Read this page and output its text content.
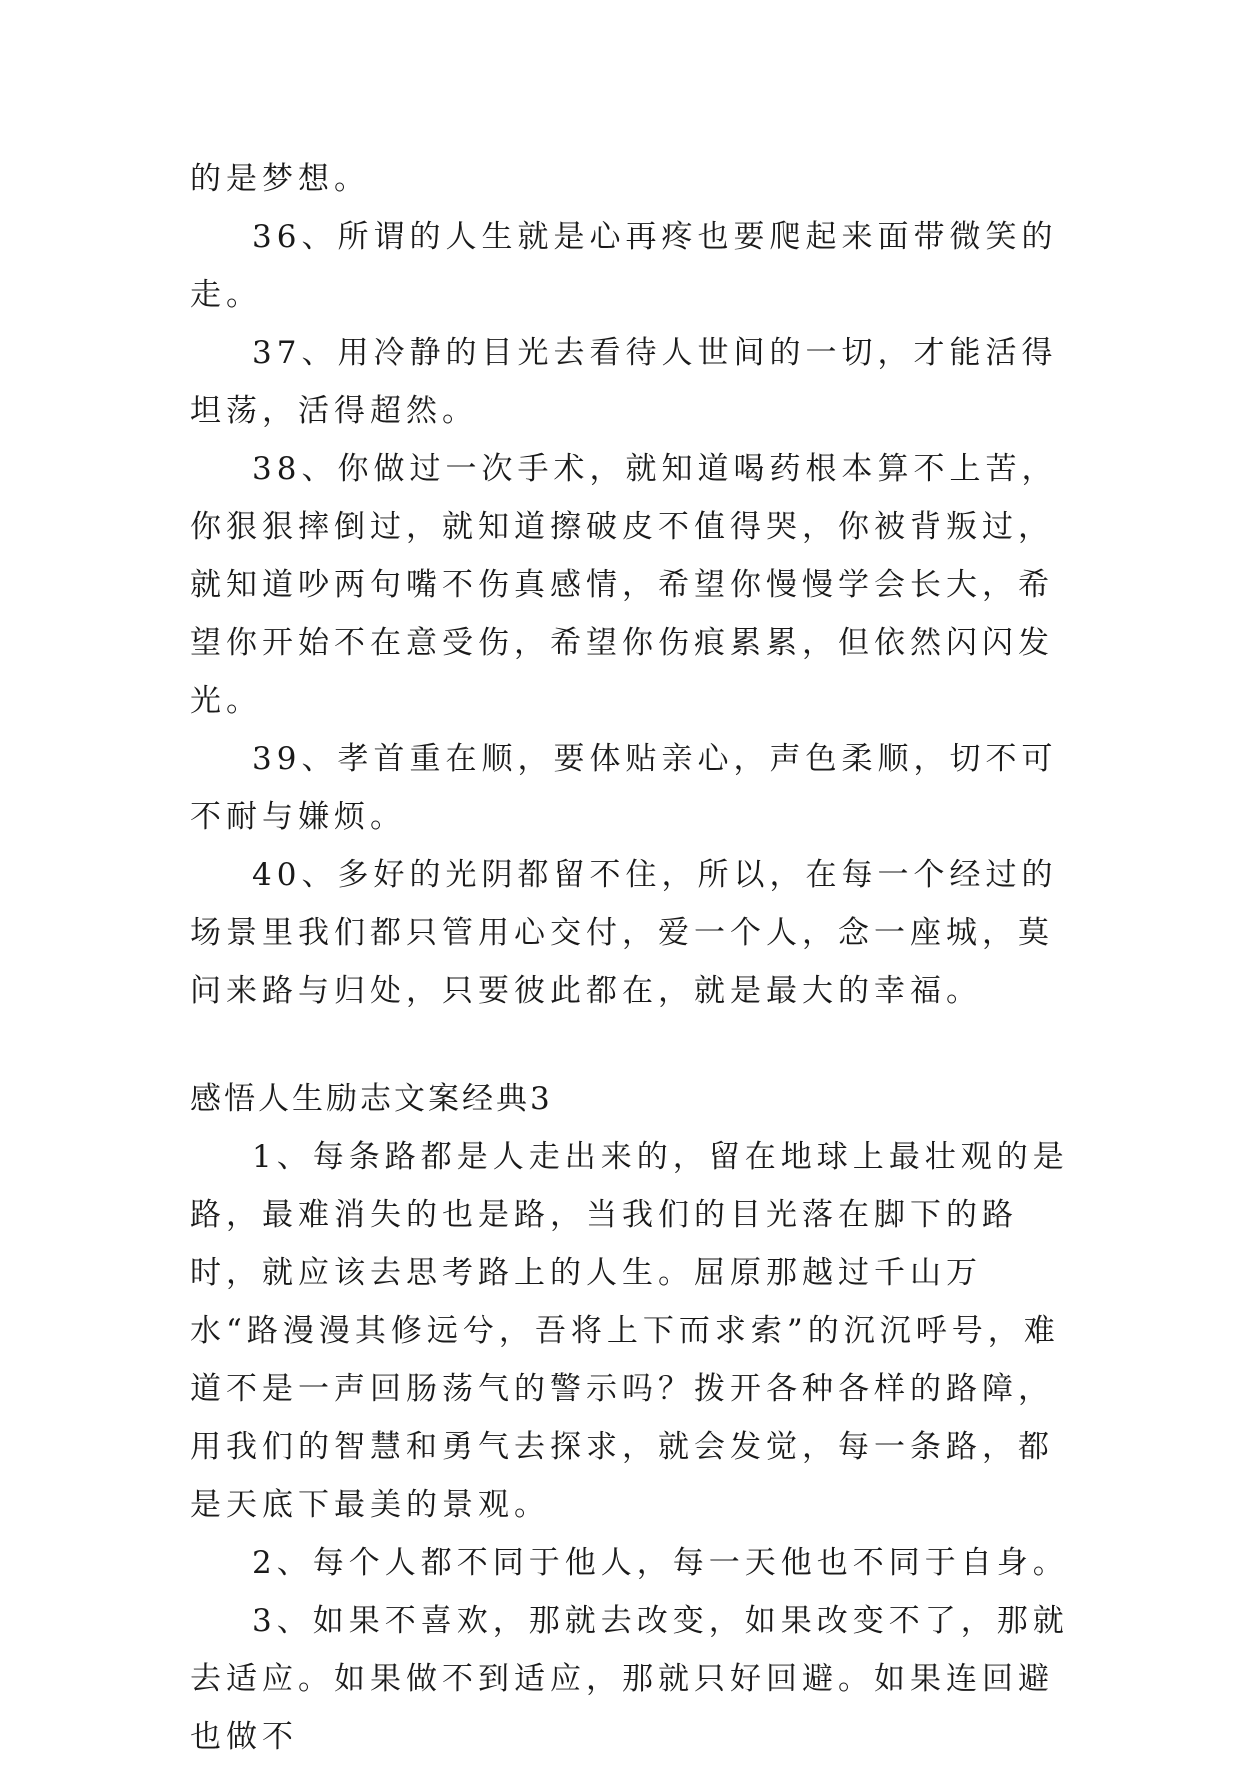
的是梦想。

36、所谓的人生就是心再疼也要爬起来面带微笑的走。

37、用冷静的目光去看待人世间的一切，才能活得坦荡，活得超然。

38、你做过一次手术，就知道喝药根本算不上苦，你狠狠摔倒过，就知道擦破皮不值得哭，你被背叛过，就知道吵两句嘴不伤真感情，希望你慢慢学会长大，希望你开始不在意受伤，希望你伤痕累累，但依然闪闪发光。

39、孝首重在顺，要体贴亲心，声色柔顺，切不可不耐与嫌烦。

40、多好的光阴都留不住，所以，在每一个经过的场景里我们都只管用心交付，爱一个人，念一座城，莫问来路与归处，只要彼此都在，就是最大的幸福。

感悟人生励志文案经典3

1、每条路都是人走出来的，留在地球上最壮观的是路，最难消失的也是路，当我们的目光落在脚下的路时，就应该去思考路上的人生。屈原那越过千山万水“路漫漫其修远兮，吾将上下而求索”的沉沉呼号，难道不是一声回肠荡气的警示吗？拨开各种各样的路障，用我们的智慧和勇气去探求，就会发觉，每一条路，都是天底下最美的景观。

2、每个人都不同于他人，每一天他也不同于自身。

3、如果不喜欢，那就去改变，如果改变不了，那就去适应。如果做不到适应，那就只好回避。如果连回避也做不
